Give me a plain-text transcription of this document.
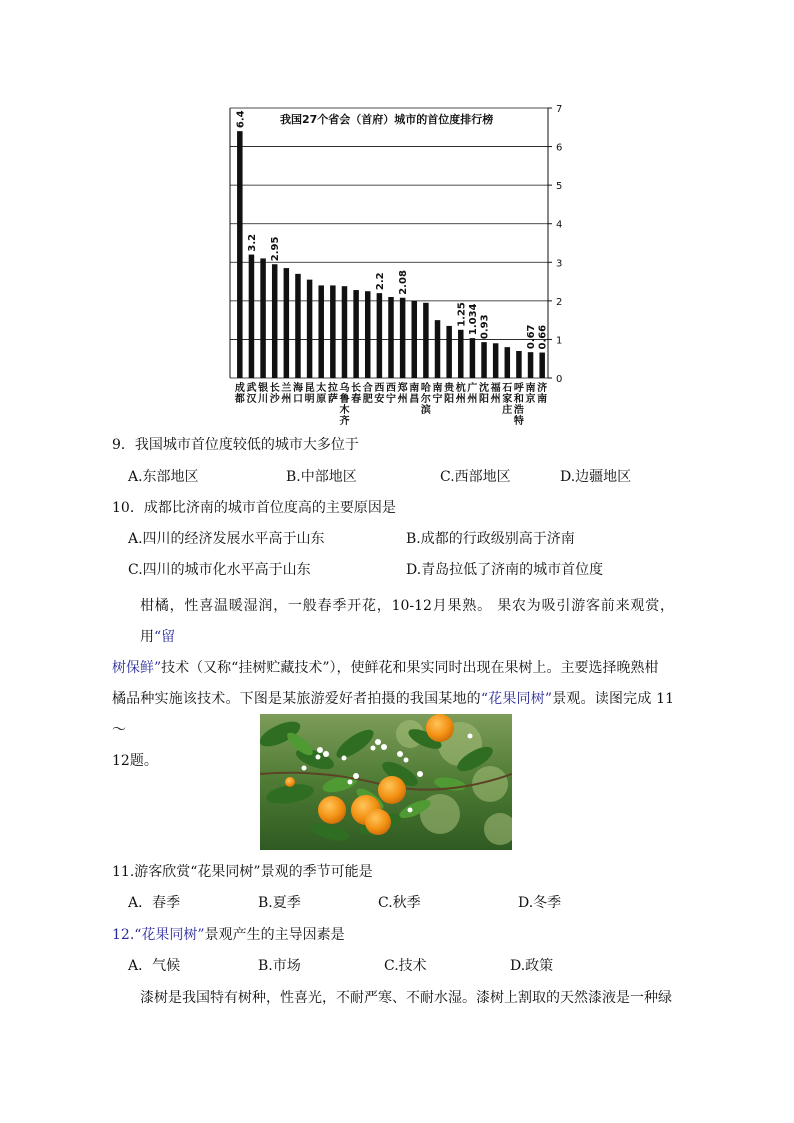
0
1
2
3
4
5
6
7
6.4
成
都
3.2
武
汉
银
川
2.95
长
沙
兰
州
海
口
昆
明
太
原
拉
萨
乌
鲁
木
齐
长
春
合
肥
2.2
西
安
西
宁
2.08
郑
州
南
昌
哈
尔
滨
南
宁
贵
阳
1.25
杭
州
1.034
广
州
0.93
沈
阳
福
州
石
家
庄
呼
和
浩
特
0.67
南
京
0.66
济
南
我国27个省会（首府）城市的首位度排行榜
9．我国城市首位度较低的城市大多位于
A.东部地区	B.中部地区	C.西部地区	D.边疆地区
10．成都比济南的城市首位度高的主要原因是
A.四川的经济发展水平高于山东	B.成都的行政级别高于济南
C.四川的城市化水平高于山东	D.青岛拉低了济南的城市首位度
柑橘，性喜温暖湿润，一般春季开花，10-12月果熟。 果农为吸引游客前来观赏，用“留
树保鲜”技术（又称“挂树贮藏技术”），使鲜花和果实同时出现在果树上。主要选择晚熟柑
橘品种实施该技术。下图是某旅游爱好者拍摄的我国某地的“花果同树”景观。读图完成 11～
12题。
11.游客欣赏“花果同树”景观的季节可能是
A．春季	B.夏季	C.秋季	D.冬季
12.“花果同树”景观产生的主导因素是
A．气候	B.市场	C.技术	D.政策
漆树是我国特有树种，性喜光，不耐严寒、不耐水湿。漆树上割取的天然漆液是一种绿
